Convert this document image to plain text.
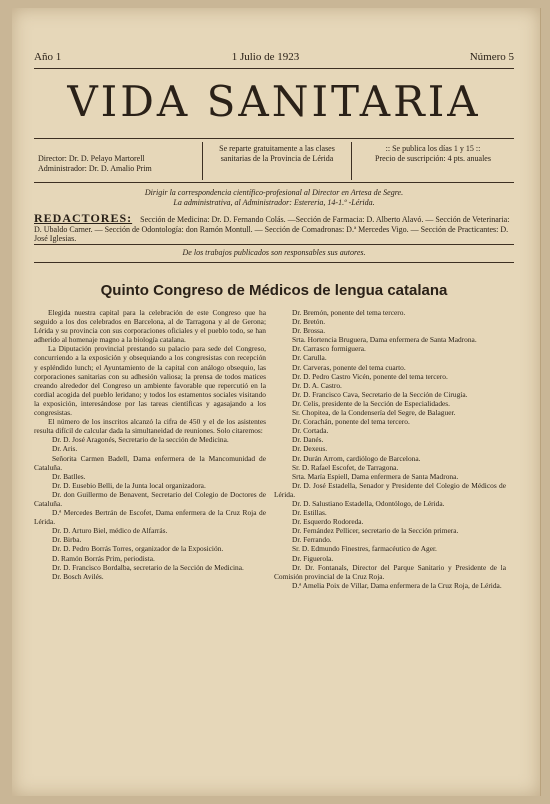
Año 1	1 Julio de 1923	Número 5
VIDA SANITARIA
Director: Dr. D. Pelayo Martorell
Administrador: Dr. D. Amalio Prim
Se reparte gratuitamente a las clases sanitarias de la Provincia de Lérida
:: Se publica los días 1 y 15 ::
Precio de suscripción: 4 pts. anuales
Dirigir la correspondencia científico-profesional al Director en Artesa de Segre.
La administrativa, al Administrador: Estereria, 14-1.º -Lérida.
REDACTORES: Sección de Medicina: Dr. D. Fernando Colás. —Sección de Farmacia: D. Alberto Alavó. — Sección de Veterinaria: D. Ubaldo Carner. — Sección de Odontología: don Ramón Montull. — Sección de Comadronas: D.ª Mercedes Vigo. — Sección de Practicantes: D. José Iglesias.
De los trabajos publicados son responsables sus autores.
Quinto Congreso de Médicos de lengua catalana

Elegida nuestra capital para la celebración de este Congreso que ha seguido a los dos celebrados en Barcelona, al de Tarragona y al de Gerona; Lérida y su provincia con sus corporaciones oficiales y el pueblo todo, se han adherido al homenaje magno a la biología catalana.

La Diputación provincial prestando su palacio para sede del Congreso, concurriendo a la exposición y obsequiando a los congresistas con recepción y espléndido lunch; el Ayuntamiento de la capital con análogo obsequio, las corporaciones sanitarias con su adhesión valiosa; la prensa de todos matices creando alrededor del Congreso un ambiente favorable que repercutió en la cordial acogida del pueblo leridano; y todos los estamentos sociales visitando la exposición, interesándose por las tareas científicas y agasajando a los congresistas.

El número de los inscritos alcanzó la cifra de 450 y el de los asistentes resulta difícil de calcular dada la simultaneidad de reuniones. Solo citaremos:

Dr. D. José Aragonés, Secretario de la sección de Medicina.

Dr. Aris.

Señorita Carmen Badell, Dama enfermera de la Mancomunidad de Cataluña.

Dr. Batlles.

Dr. D. Eusebio Belli, de la Junta local organizadora.

Dr. don Guillermo de Benavent, Secretario del Colegio de Doctores de Cataluña.

D.ª Mercedes Bertrán de Escofet, Dama enfermera de la Cruz Roja de Lérida.

Dr. D. Arturo Biel, médico de Alfarrás.

Dr. Birba.

Dr. D. Pedro Borrás Torres, organizador de la Exposición.

D. Ramón Borrás Prim, periodista.

Dr. D. Francisco Bordalba, secretario de la Sección de Medicina.

Dr. Bosch Avilés.

Dr. Bremón, ponente del tema tercero.

Dr. Bretón.

Dr. Brossa.

Srta. Hortencia Bruguera, Dama enfermera de Santa Madrona.

Dr. Carrasco formiguera.

Dr. Carulla.

Dr. Carveras, ponente del tema cuarto.

Dr. D. Pedro Castro Vicén, ponente del tema tercero.

Dr. D. A. Castro.

Dr. D. Francisco Cava, Secretario de la Sección de Cirugía.

Dr. Celis, presidente de la Sección de Especialidades.

Sr. Chopitea, de la Condensería del Segre, de Balaguer.

Dr. Corachán, ponente del tema tercero.

Dr. Cortada.

Dr. Danés.

Dr. Dexeus.

Dr. Durán Arrom, cardiólogo de Barcelona.

Sr. D. Rafael Escofet, de Tarragona.

Srta. María Espiell, Dama enfermera de Santa Madrona.

Dr. D. José Estadella, Senador y Presidente del Colegio de Médicos de Lérida.

Dr. D. Salustiano Estadella, Odontólogo, de Lérida.

Dr. Estillas.

Dr. Esquerdo Rodoreda.

Dr. Fernández Pellicer, secretario de la Sección primera.

Dr. Ferrando.

Sr. D. Edmundo Finestres, farmacéutico de Ager.

Dr. Figuerola.

Dr. Dr. Fontanals, Director del Parque Sanitario y Presidente de la Comisión provincial de la Cruz Roja.

D.ª Amelia Poix de Villar, Dama enfermera de la Cruz Roja, de Lérida.
